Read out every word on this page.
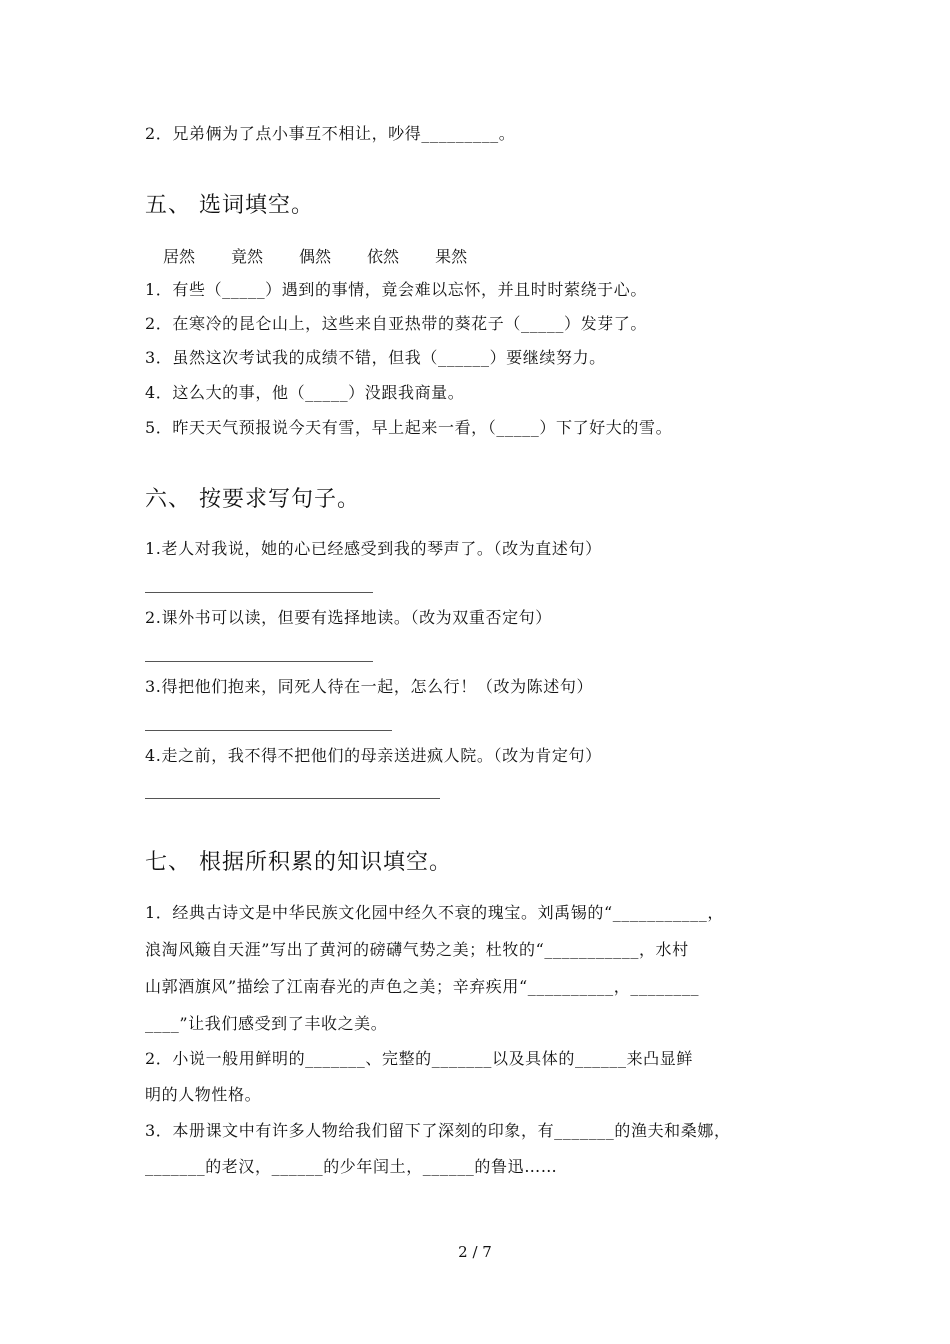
2．兄弟俩为了点小事互不相让，吵得_________。
五、 选词填空。
居然 竟然 偶然 依然 果然
1．有些（_____）遇到的事情，竟会难以忘怀，并且时时萦绕于心。
2．在寒冷的昆仑山上，这些来自亚热带的葵花子（_____）发芽了。
3．虽然这次考试我的成绩不错，但我（______）要继续努力。
4．这么大的事，他（_____）没跟我商量。
5．昨天天气预报说今天有雪，早上起来一看，（_____）下了好大的雪。
六、 按要求写句子。
1.老人对我说，她的心已经感受到我的琴声了。（改为直述句）
2.课外书可以读，但要有选择地读。（改为双重否定句）
3.得把他们抱来，同死人待在一起，怎么行！（改为陈述句）
4.走之前，我不得不把他们的母亲送进疯人院。（改为肯定句）
七、 根据所积累的知识填空。
1．经典古诗文是中华民族文化园中经久不衰的瑰宝。刘禹锡的“___________，
浪淘风簸自天涯”写出了黄河的磅礴气势之美；杜牧的“___________，水村
山郭酒旗风”描绘了江南春光的声色之美；辛弃疾用“__________，________
____”让我们感受到了丰收之美。
2．小说一般用鲜明的_______、完整的_______以及具体的______来凸显鲜
明的人物性格。
3．本册课文中有许多人物给我们留下了深刻的印象，有_______的渔夫和桑娜，
_______的老汉，______的少年闰土，______的鲁迅……
2 / 7
